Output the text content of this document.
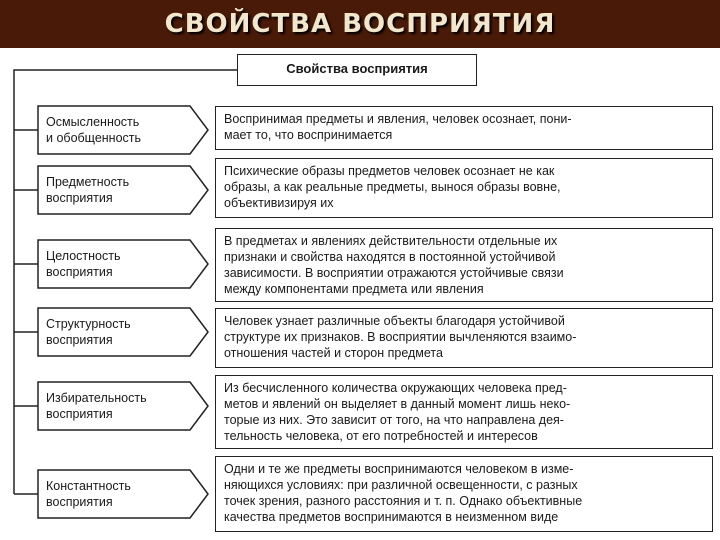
СВОЙСТВА ВОСПРИЯТИЯ
Свойства восприятия
Осмысленность
и обобщенность
Воспринимая предметы и явления, человек осознает, пони-
мает то, что воспринимается
Предметность
восприятия
Психические образы предметов человек осознает не как
образы, а как реальные предметы, вынося образы вовне,
объективизируя их
Целостность
восприятия
В предметах и явлениях действительности отдельные их
признаки и свойства находятся в постоянной устойчивой
зависимости. В восприятии отражаются устойчивые связи
между компонентами предмета или явления
Структурность
восприятия
Человек узнает различные объекты благодаря устойчивой
структуре их признаков. В восприятии вычленяются взаимо-
отношения частей и сторон предмета
Избирательность
восприятия
Из бесчисленного количества окружающих человека пред-
метов и явлений он выделяет в данный момент лишь неко-
торые из них. Это зависит от того, на что направлена дея-
тельность человека, от его потребностей и интересов
Константность
восприятия
Одни и те же предметы воспринимаются человеком в изме-
няющихся условиях: при различной освещенности, с разных
точек зрения, разного расстояния и т. п. Однако объективные
качества предметов воспринимаются в неизменном виде
